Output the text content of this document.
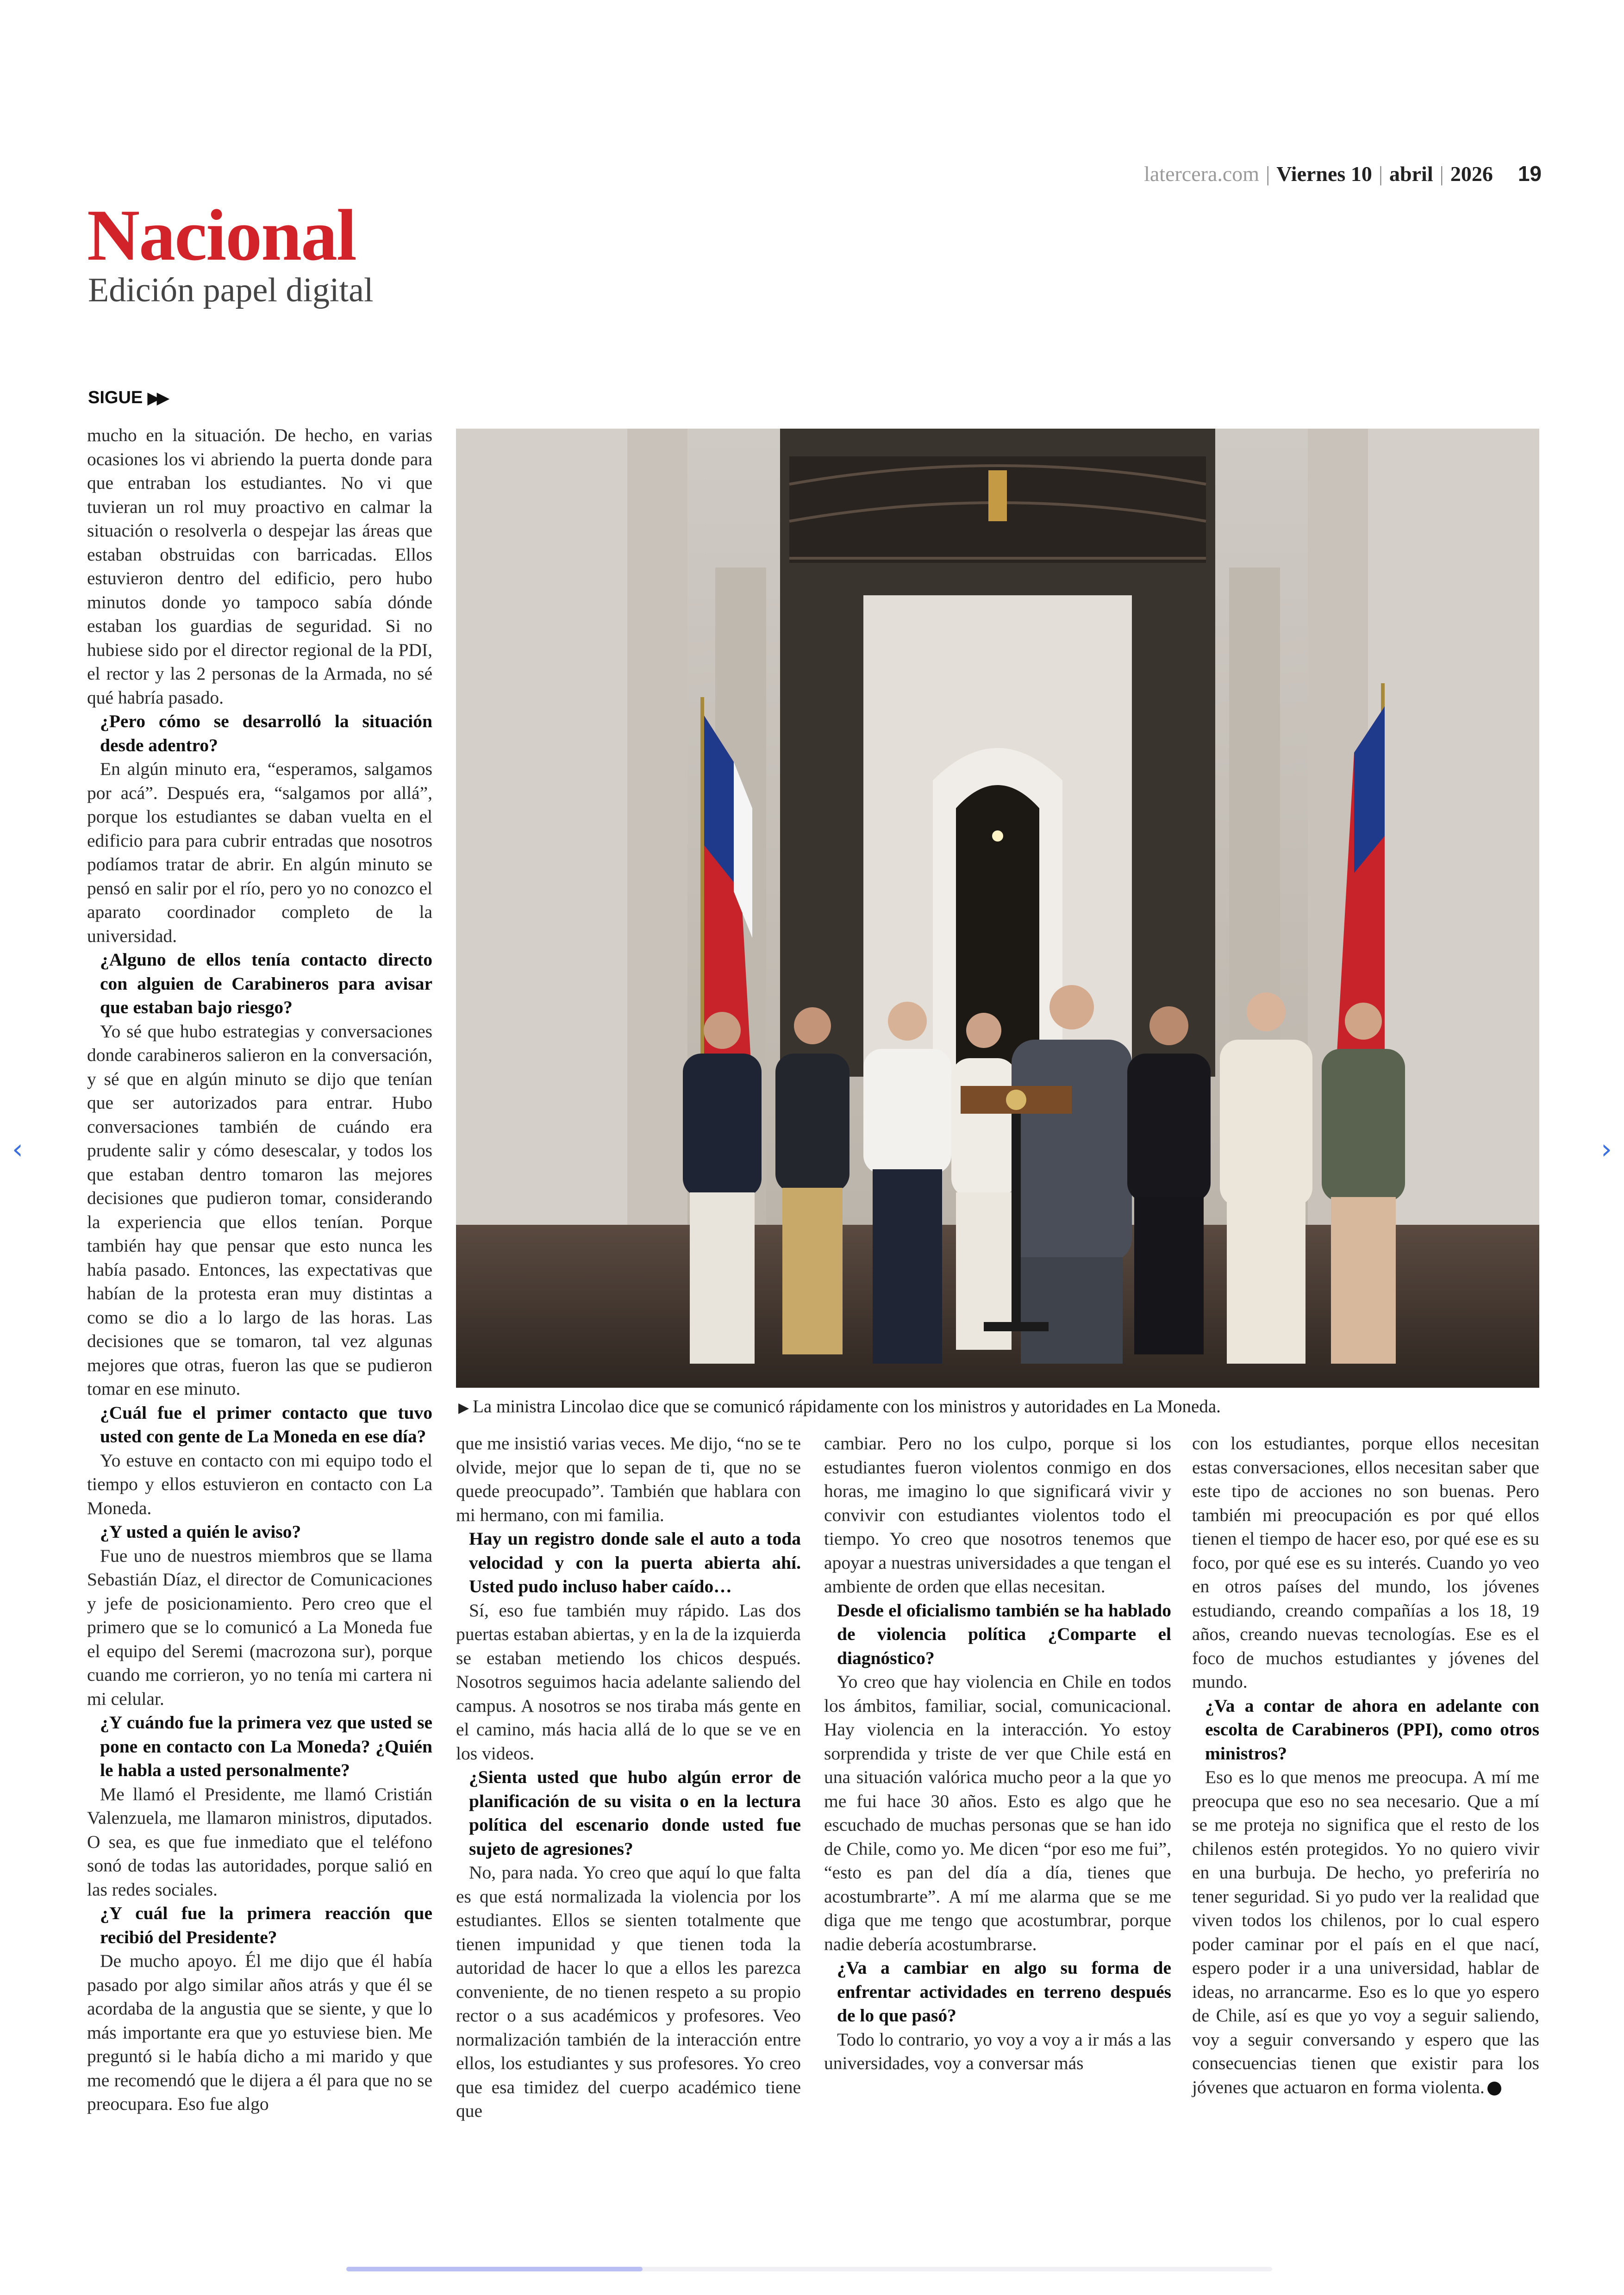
latercera.com | Viernes 10 | abril | 2026 19
Nacional
Edición papel digital
SIGUE ▶▶

mucho en la situación. De hecho, en varias ocasiones los vi abriendo la puerta donde para que entraban los estudiantes. No vi que tuvieran un rol muy proactivo en calmar la situación o resolverla o despejar las áreas que estaban obstruidas con barricadas. Ellos estuvieron dentro del edificio, pero hubo minutos donde yo tampoco sabía dónde estaban los guardias de seguridad. Si no hubiese sido por el director regional de la PDI, el rector y las 2 personas de la Armada, no sé qué habría pasado.

¿Pero cómo se desarrolló la situación desde adentro?

En algún minuto era, “esperamos, salgamos por acá”. Después era, “salgamos por allá”, porque los estudiantes se daban vuelta en el edificio para para cubrir entradas que nosotros podíamos tratar de abrir. En algún minuto se pensó en salir por el río, pero yo no conozco el aparato coordinador completo de la universidad.

¿Alguno de ellos tenía contacto directo con alguien de Carabineros para avisar que estaban bajo riesgo?

Yo sé que hubo estrategias y conversaciones donde carabineros salieron en la conversación, y sé que en algún minuto se dijo que tenían que ser autorizados para entrar. Hubo conversaciones también de cuándo era prudente salir y cómo desescalar, y todos los que estaban dentro tomaron las mejores decisiones que pudieron tomar, considerando la experiencia que ellos tenían. Porque también hay que pensar que esto nunca les había pasado. Entonces, las expectativas que habían de la protesta eran muy distintas a como se dio a lo largo de las horas. Las decisiones que se tomaron, tal vez algunas mejores que otras, fueron las que se pudieron tomar en ese minuto.

¿Cuál fue el primer contacto que tuvo usted con gente de La Moneda en ese día?

Yo estuve en contacto con mi equipo todo el tiempo y ellos estuvieron en contacto con La Moneda.

¿Y usted a quién le aviso?

Fue uno de nuestros miembros que se llama Sebastián Díaz, el director de Comunicaciones y jefe de posicionamiento. Pero creo que el primero que se lo comunicó a La Moneda fue el equipo del Seremi (macrozona sur), porque cuando me corrieron, yo no tenía mi cartera ni mi celular.

¿Y cuándo fue la primera vez que usted se pone en contacto con La Moneda? ¿Quién le habla a usted personalmente?

Me llamó el Presidente, me llamó Cristián Valenzuela, me llamaron ministros, diputados. O sea, es que fue inmediato que el teléfono sonó de todas las autoridades, porque salió en las redes sociales.

¿Y cuál fue la primera reacción que recibió del Presidente?

De mucho apoyo. Él me dijo que él había pasado por algo similar años atrás y que él se acordaba de la angustia que se siente, y que lo más importante era que yo estuviese bien. Me preguntó si le había dicho a mi marido y que me recomendó que le dijera a él para que no se preocupara. Eso fue algo

que me insistió varias veces. Me dijo, “no se te olvide, mejor que lo sepan de ti, que no se quede preocupado”. También que hablara con mi hermano, con mi familia.

Hay un registro donde sale el auto a toda velocidad y con la puerta abierta ahí. Usted pudo incluso haber caído…

Sí, eso fue también muy rápido. Las dos puertas estaban abiertas, y en la de la izquierda se estaban metiendo los chicos después. Nosotros seguimos hacia adelante saliendo del campus. A nosotros se nos tiraba más gente en el camino, más hacia allá de lo que se ve en los videos.

¿Sienta usted que hubo algún error de planificación de su visita o en la lectura política del escenario donde usted fue sujeto de agresiones?

No, para nada. Yo creo que aquí lo que falta es que está normalizada la violencia por los estudiantes. Ellos se sienten totalmente que tienen impunidad y que tienen toda la autoridad de hacer lo que a ellos les parezca conveniente, de no tienen respeto a su propio rector o a sus académicos y profesores. Veo normalización también de la interacción entre ellos, los estudiantes y sus profesores. Yo creo que esa timidez del cuerpo académico tiene que

cambiar. Pero no los culpo, porque si los estudiantes fueron violentos conmigo en dos horas, me imagino lo que significará vivir y convivir con estudiantes violentos todo el tiempo. Yo creo que nosotros tenemos que apoyar a nuestras universidades a que tengan el ambiente de orden que ellas necesitan.

Desde el oficialismo también se ha hablado de violencia política ¿Comparte el diagnóstico?

Yo creo que hay violencia en Chile en todos los ámbitos, familiar, social, comunicacional. Hay violencia en la interacción. Yo estoy sorprendida y triste de ver que Chile está en una situación valórica mucho peor a la que yo me fui hace 30 años. Esto es algo que he escuchado de muchas personas que se han ido de Chile, como yo. Me dicen “por eso me fui”, “esto es pan del día a día, tienes que acostumbrarte”. A mí me alarma que se me diga que me tengo que acostumbrar, porque nadie debería acostumbrarse.

¿Va a cambiar en algo su forma de enfrentar actividades en terreno después de lo que pasó?

Todo lo contrario, yo voy a voy a ir más a las universidades, voy a conversar más

con los estudiantes, porque ellos necesitan estas conversaciones, ellos necesitan saber que este tipo de acciones no son buenas. Pero también mi preocupación es por qué ellos tienen el tiempo de hacer eso, por qué ese es su foco, por qué ese es su interés. Cuando yo veo en otros países del mundo, los jóvenes estudiando, creando compañías a los 18, 19 años, creando nuevas tecnologías. Ese es el foco de muchos estudiantes y jóvenes del mundo.

¿Va a contar de ahora en adelante con escolta de Carabineros (PPI), como otros ministros?

Eso es lo que menos me preocupa. A mí me preocupa que eso no sea necesario. Que a mí se me proteja no significa que el resto de los chilenos estén protegidos. Yo no quiero vivir en una burbuja. De hecho, yo preferiría no tener seguridad. Si yo pudo ver la realidad que viven todos los chilenos, por lo cual espero poder caminar por el país en el que nací, espero poder ir a una universidad, hablar de ideas, no arrancarme. Eso es lo que yo espero de Chile, así es que yo voy a seguir saliendo, voy a seguir conversando y espero que las consecuencias tienen que existir para los jóvenes que actuaron en forma violenta.

▶ La ministra Lincolao dice que se comunicó rápidamente con los ministros y autoridades en La Moneda.
‹	›
